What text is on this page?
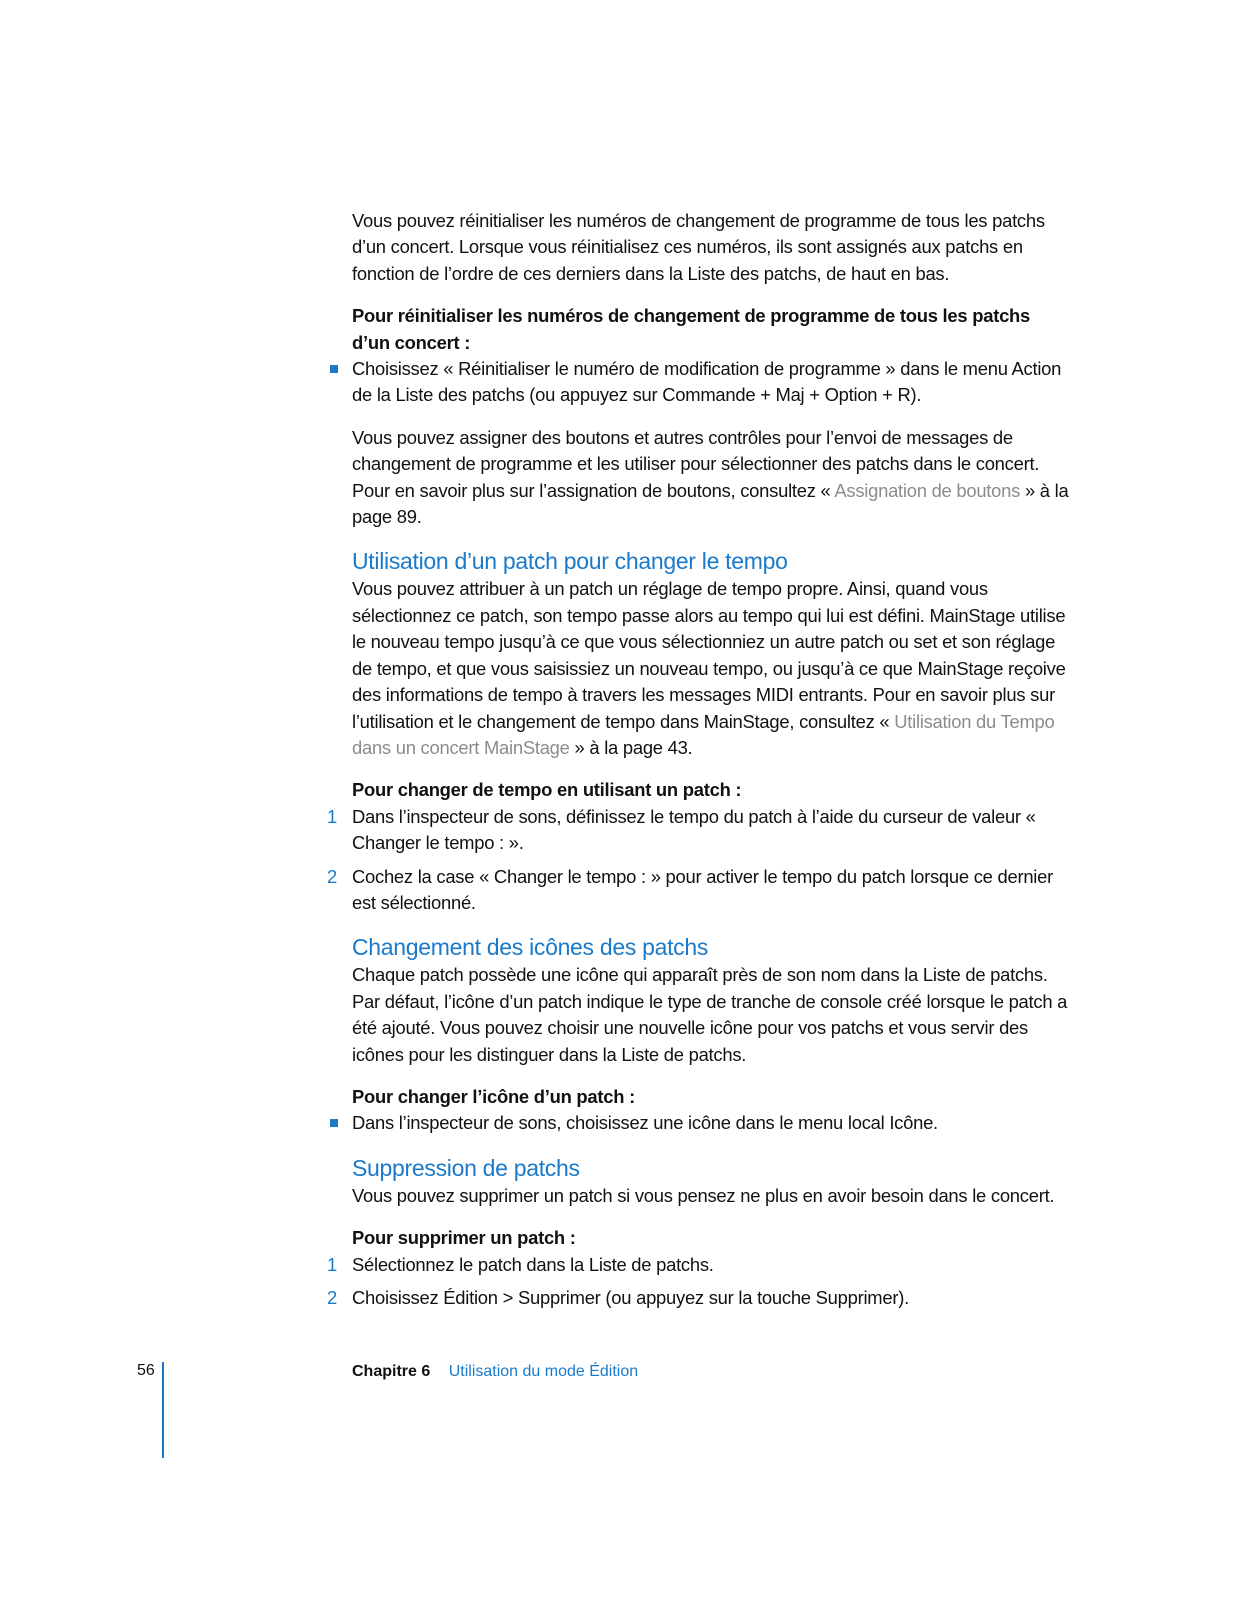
Vous pouvez réinitialiser les numéros de changement de programme de tous les patchs d’un concert. Lorsque vous réinitialisez ces numéros, ils sont assignés aux patchs en fonction de l’ordre de ces derniers dans la Liste des patchs, de haut en bas.

Pour réinitialiser les numéros de changement de programme de tous les patchs d’un concert :

Choisissez « Réinitialiser le numéro de modification de programme » dans le menu Action de la Liste des patchs (ou appuyez sur Commande + Maj + Option + R).

Vous pouvez assigner des boutons et autres contrôles pour l’envoi de messages de changement de programme et les utiliser pour sélectionner des patchs dans le concert. Pour en savoir plus sur l’assignation de boutons, consultez « Assignation de boutons » à la page 89.

Utilisation d’un patch pour changer le tempo

Vous pouvez attribuer à un patch un réglage de tempo propre. Ainsi, quand vous sélectionnez ce patch, son tempo passe alors au tempo qui lui est défini. MainStage utilise le nouveau tempo jusqu’à ce que vous sélectionniez un autre patch ou set et son réglage de tempo, et que vous saisissiez un nouveau tempo, ou jusqu’à ce que MainStage reçoive des informations de tempo à travers les messages MIDI entrants. Pour en savoir plus sur l’utilisation et le changement de tempo dans MainStage, consultez « Utilisation du Tempo dans un concert MainStage » à la page 43.

Pour changer de tempo en utilisant un patch :

1 Dans l’inspecteur de sons, définissez le tempo du patch à l’aide du curseur de valeur « Changer le tempo : ».
2 Cochez la case « Changer le tempo : » pour activer le tempo du patch lorsque ce dernier est sélectionné.
Changement des icônes des patchs

Chaque patch possède une icône qui apparaît près de son nom dans la Liste de patchs. Par défaut, l’icône d’un patch indique le type de tranche de console créé lorsque le patch a été ajouté. Vous pouvez choisir une nouvelle icône pour vos patchs et vous servir des icônes pour les distinguer dans la Liste de patchs.

Pour changer l’icône d’un patch :

Dans l’inspecteur de sons, choisissez une icône dans le menu local Icône.
Suppression de patchs

Vous pouvez supprimer un patch si vous pensez ne plus en avoir besoin dans le concert.

Pour supprimer un patch :

1 Sélectionnez le patch dans la Liste de patchs.
2 Choisissez Édition > Supprimer (ou appuyez sur la touche Supprimer).
56	Chapitre 6 Utilisation du mode Édition
